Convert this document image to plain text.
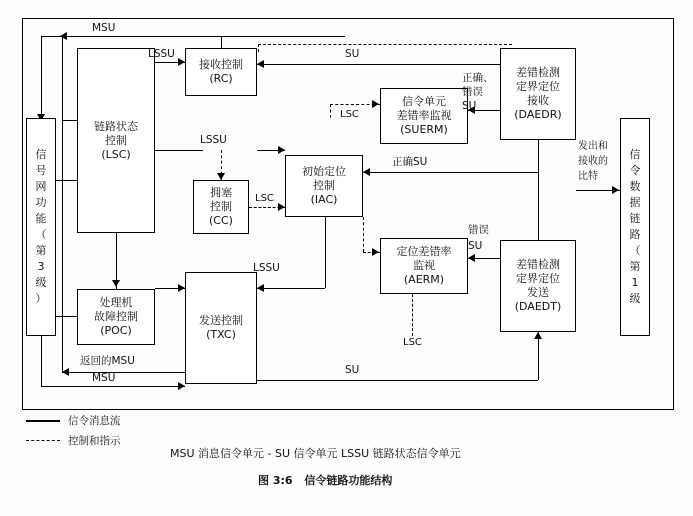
信
号
网
功
能
（
第
3
级
）
信
令
数
据
链
路
（
第
1
级
链路状态
控制
(LSC)
处理机
故障控制
(POC)
接收控制
(RC)
拥塞
控制
(CC)
初始定位
控制
(IAC)
发送控制
(TXC)
信令单元
差错率监视
(SUERM)
定位差错率
监视
(AERM)
差错检测
定界定位
接收
(DAEDR)
差错检测
定界定位
发送
(DAEDT)
MSU
LSSU	SU
正确、
错误
SU
LSC
LSSU
正确SU
LSC
错误
SU
LSC
LSSU
返回的MSU
MSU
SU
发出和
接收的
比特
信令消息流
控制和指示
MSU 消息信令单元 - SU 信令单元 LSSU 链路状态信令单元
图 3:6 信令链路功能结构
